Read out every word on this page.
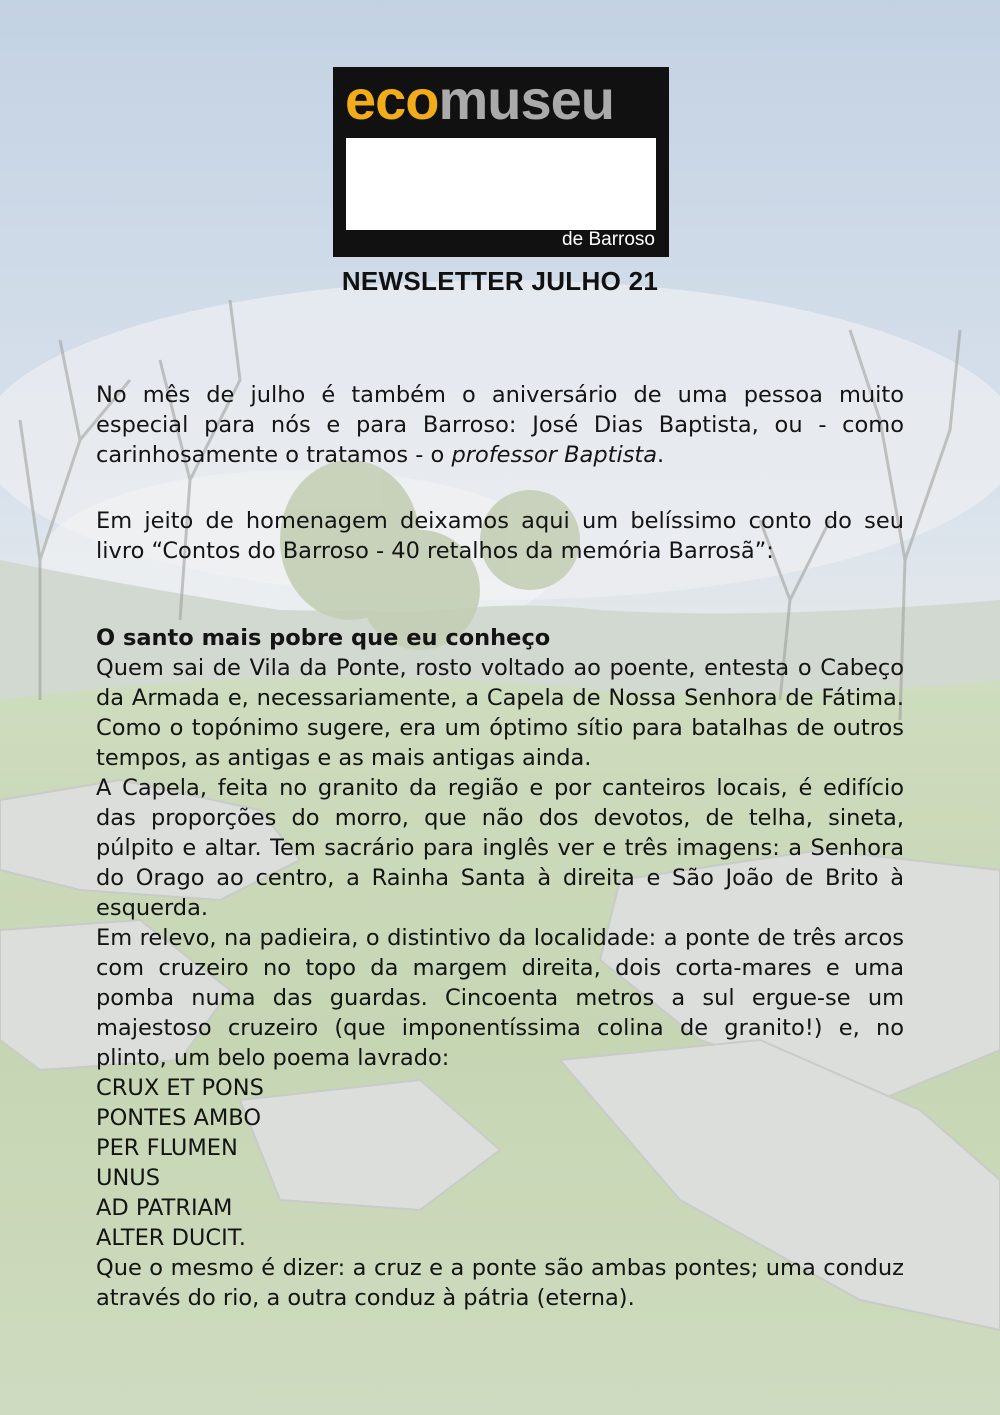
ecomuseu
de Barroso
NEWSLETTER JULHO 21

No mês de julho é também o aniversário de uma pessoa muito especial para nós e para Barroso: José Dias Baptista, ou - como carinhosamente o tratamos - o professor Baptista.

Em jeito de homenagem deixamos aqui um belíssimo conto do seu livro “Contos do Barroso - 40 retalhos da memória Barrosã”:

O santo mais pobre que eu conheço

Quem sai de Vila da Ponte, rosto voltado ao poente, entesta o Cabeço da Armada e, necessariamente, a Capela de Nossa Senhora de Fátima. Como o topónimo sugere, era um óptimo sítio para batalhas de outros tempos, as antigas e as mais antigas ainda.

A Capela, feita no granito da região e por canteiros locais, é edifício das proporções do morro, que não dos devotos, de telha, sineta, púlpito e altar. Tem sacrário para inglês ver e três imagens: a Senhora do Orago ao centro, a Rainha Santa à direita e São João de Brito à esquerda.

Em relevo, na padieira, o distintivo da localidade: a ponte de três arcos com cruzeiro no topo da margem direita, dois corta-mares e uma pomba numa das guardas. Cincoenta metros a sul ergue-se um majestoso cruzeiro (que imponentíssima colina de granito!) e, no plinto, um belo poema lavrado:

CRUX ET PONS
PONTES AMBO
PER FLUMEN
UNUS
AD PATRIAM
ALTER DUCIT.

Que o mesmo é dizer: a cruz e a ponte são ambas pontes; uma conduz através do rio, a outra conduz à pátria (eterna).
